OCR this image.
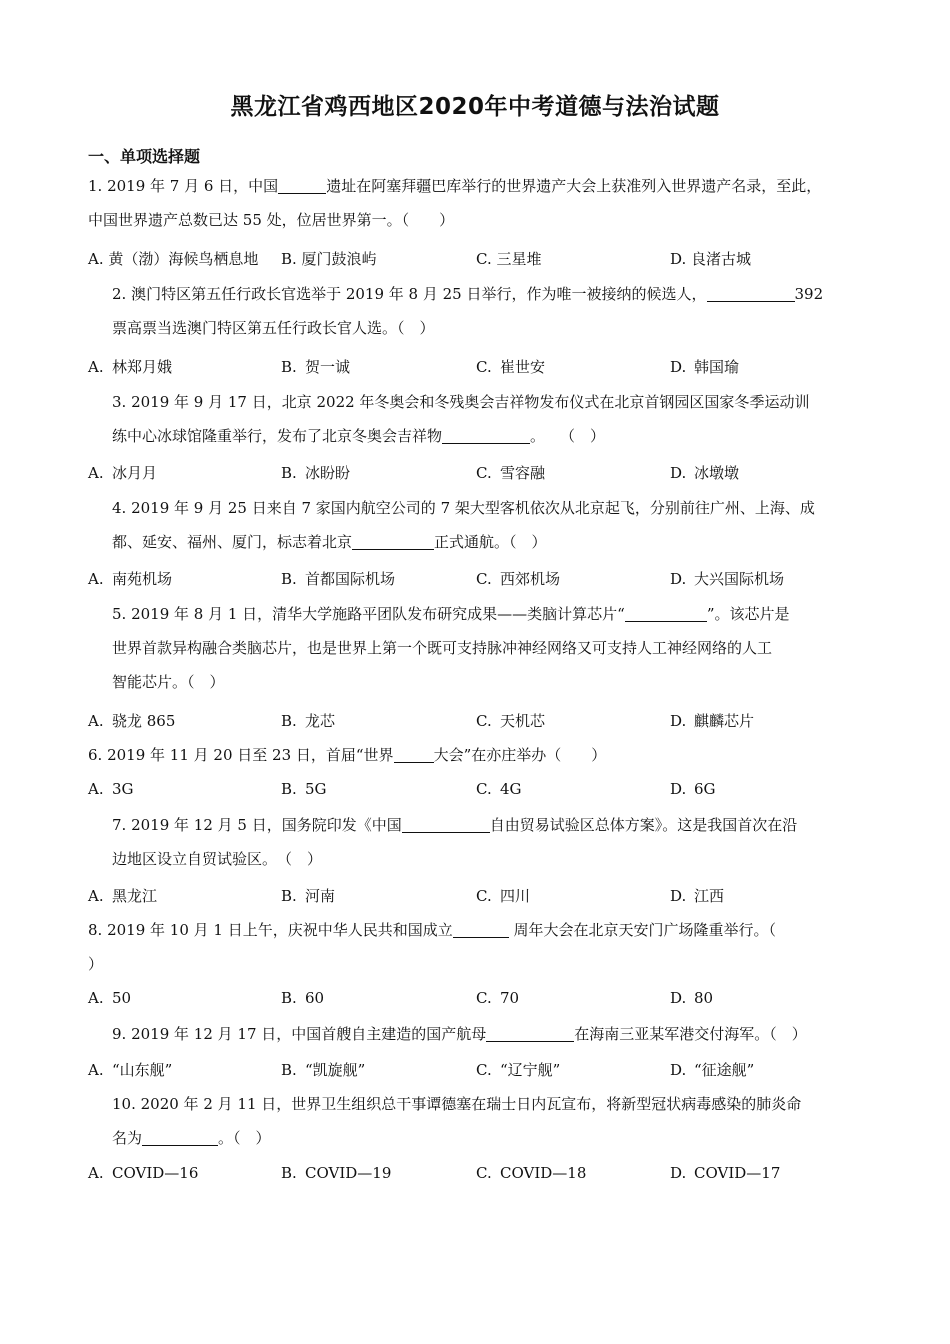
黑龙江省鸡西地区2020年中考道德与法治试题
一、单项选择题
1. 2019 年 7 月 6 日，中国	遗址在阿塞拜疆巴库举行的世界遗产大会上获准列入世界遗产名录，至此，
中国世界遗产总数已达 55 处，位居世界第一。（　　）
A. 黄（渤）海候鸟栖息地 B. 厦门鼓浪屿	C. 三星堆	D. 良渚古城
2. 澳门特区第五任行政长官选举于 2019 年 8 月 25 日举行，作为唯一被接纳的候选人，	392
票高票当选澳门特区第五任行政长官人选。（　）
A. 林郑月娥	B. 贺一诚	C. 崔世安	D. 韩国瑜
3. 2019 年 9 月 17 日，北京 2022 年冬奥会和冬残奥会吉祥物发布仪式在北京首钢园区国家冬季运动训
练中心冰球馆隆重举行，发布了北京冬奥会吉祥物	。　　（　）
A. 冰月月	B. 冰盼盼	C. 雪容融	D. 冰墩墩
4. 2019 年 9 月 25 日来自 7 家国内航空公司的 7 架大型客机依次从北京起飞，分别前往广州、上海、成
都、延安、福州、厦门，标志着北京	正式通航。（　）
A. 南苑机场	B. 首都国际机场	C. 西郊机场	D. 大兴国际机场
5. 2019 年 8 月 1 日，清华大学施路平团队发布研究成果——类脑计算芯片“	”。该芯片是
世界首款异构融合类脑芯片，也是世界上第一个既可支持脉冲神经网络又可支持人工神经网络的人工
智能芯片。（　）
A. 骁龙 865	B. 龙芯	C. 天机芯	D. 麒麟芯片
6. 2019 年 11 月 20 日至 23 日，首届“世界	大会”在亦庄举办（　　）
A. 3G	B. 5G	C. 4G	D. 6G
7. 2019 年 12 月 5 日，国务院印发《中国	自由贸易试验区总体方案》。这是我国首次在沿
边地区设立自贸试验区。　（　）
A. 黑龙江	B. 河南	C. 四川	D. 江西
8. 2019 年 10 月 1 日上午，庆祝中华人民共和国成立	周年大会在北京天安门广场隆重举行。（
）
A. 50	B. 60	C. 70	D. 80
9. 2019 年 12 月 17 日，中国首艘自主建造的国产航母	在海南三亚某军港交付海军。（　）
A. “山东舰”	B. “凯旋舰”	C. “辽宁舰”	D. “征途舰”
10. 2020 年 2 月 11 日，世界卫生组织总干事谭德塞在瑞士日内瓦宣布，将新型冠状病毒感染的肺炎命
名为	。（　）
A. COVID—16	B. COVID—19	C. COVID—18	D. COVID—17
